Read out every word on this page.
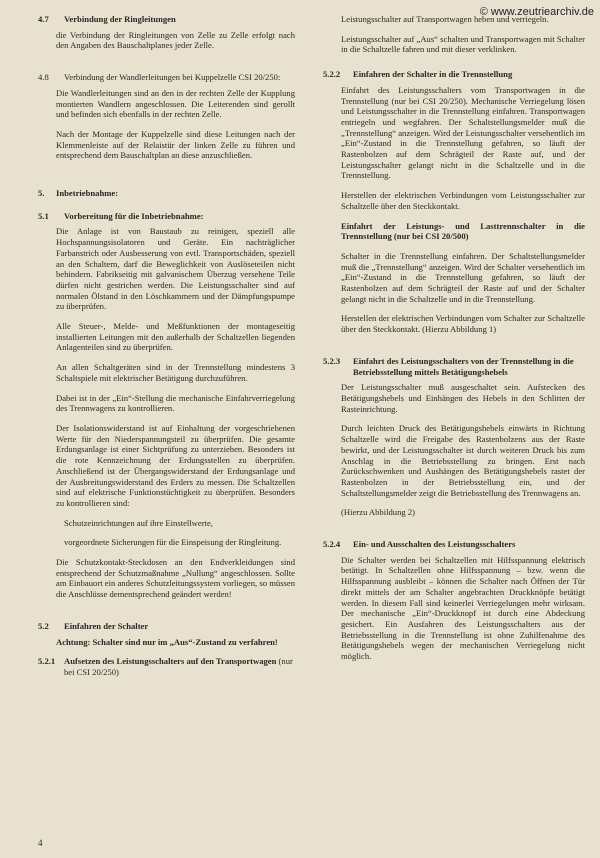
© www.zeutriearchiv.de
4.7	Verbindung der Ringleitungen

die Verbindung der Ringleitungen von Zelle zu Zelle erfolgt nach den Angaben des Bauschaltplanes jeder Zelle.

4.8	Verbindung der Wandlerleitungen bei Kuppelzelle CSI 20/250:

Die Wandlerleitungen sind an den in der rechten Zelle der Kupplung montierten Wandlern angeschlossen. Die Leiterenden sind gerollt und befinden sich ebenfalls in der rechten Zelle.

Nach der Montage der Kuppelzelle sind diese Leitungen nach der Klemmenleiste auf der Relaistür der linken Zelle zu führen und entsprechend dem Bauschaltplan an diese anzuschließen.

5.	Inbetriebnahme:
5.1	Vorbereitung für die Inbetriebnahme:

Die Anlage ist von Baustaub zu reinigen, speziell alle Hochspannungsisolatoren und Geräte. Ein nachträglicher Farbanstrich oder Ausbesserung von evtl. Transportschäden, speziell an den Schaltern, darf die Beweglichkeit von Auslöseteilen nicht behindern. Fabrikseitig mit galvanischem Überzug versehene Teile dürfen nicht gestrichen werden. Die Leistungsschalter sind auf normalen Ölstand in den Löschkammern und der Dämpfungspumpe zu überprüfen.

Alle Steuer-, Melde- und Meßfunktionen der montageseitig installierten Leitungen mit den außerhalb der Schaltzellen liegenden Anlagenteilen sind zu überprüfen.

An allen Schaltgeräten sind in der Trennstellung mindestens 3 Schaltspiele mit elektrischer Betätigung durchzuführen.

Dabei ist in der „Ein“-Stellung die mechanische Einfahrverriegelung des Trennwagens zu kontrollieren.

Der Isolationswiderstand ist auf Einhaltung der vorgeschriebenen Werte für den Niederspannungsteil zu überprüfen. Die gesamte Erdungsanlage ist einer Sichtprüfung zu unterziehen. Besonders ist die rote Kennzeichnung der Erdungsstellen zu überprüfen. Anschließend ist der Übergangswiderstand der Erdungsanlage und der Ausbreitungswiderstand des Erders zu messen. Die Schaltzellen sind auf elektrische Funktionstüchtigkeit zu überprüfen. Besonders zu kontrollieren sind:

Schutzeinrichtungen auf ihre Einstellwerte,

vorgeordnete Sicherungen für die Einspeisung der Ringleitung.

Die Schutzkontakt-Steckdosen an den Endverkleidungen sind entsprechend der Schutzmaßnahme „Nullung“ angeschlossen. Sollte am Einbauort ein anderes Schutzleitungssystem vorliegen, so müssen die Anschlüsse dementsprechend geändert werden!

5.2	Einfahren der Schalter

Achtung: Schalter sind nur im „Aus“-Zustand zu verfahren!

5.2.1	Aufsetzen des Leistungsschalters auf den Transportwagen (nur bei CSI 20/250)

Leistungsschalter auf Transportwagen heben und verriegeln.

Leistungsschalter auf „Aus“ schalten und Transportwagen mit Schalter in die Schaltzelle fahren und mit dieser verklinken.

5.2.2	Einfahren der Schalter in die Trennstellung

Einfahrt des Leistungsschalters vom Transportwagen in die Trennstellung (nur bei CSI 20/250). Mechanische Verriegelung lösen und Leistungsschalter in die Trennstellung einfahren. Transportwagen entriegeln und wegfahren. Der Schaltstellungsmelder muß die „Trennstellung“ anzeigen. Wird der Leistungsschalter versehentlich im „Ein“-Zustand in die Trennstellung gefahren, so läuft der Rastenbolzen auf dem Schrägteil der Raste auf, und der Leistungsschalter gelangt nicht in die Schaltzelle und in die Trennstellung.

Herstellen der elektrischen Verbindungen vom Leistungsschalter zur Schaltzelle über den Steckkontakt.

Einfahrt der Leistungs- und Lasttrennschalter in die Trennstellung (nur bei CSI 20/500)

Schalter in die Trennstellung einfahren. Der Schaltstellungsmelder muß die „Trennstellung“ anzeigen. Wird der Schalter versehentlich im „Ein“-Zustand in die Trennstellung gefahren, so läuft der Rastenbolzen auf dem Schrägteil der Raste auf und der Schalter gelangt nicht in die Schaltzelle und in die Trennstellung.

Herstellen der elektrischen Verbindungen vom Schalter zur Schaltzelle über den Steckkontakt. (Hierzu Abbildung 1)

5.2.3	Einfahrt des Leistungsschalters von der Trennstellung in die Betriebsstellung mittels Betätigungshebels

Der Leistungsschalter muß ausgeschaltet sein. Aufstecken des Betätigungshebels und Einhängen des Hebels in den Schlitten der Rasteinrichtung.

Durch leichten Druck des Betätigungshebels einwärts in Richtung Schaltzelle wird die Freigabe des Rastenbolzens aus der Raste bewirkt, und der Leistungsschalter ist durch weiteren Druck bis zum Anschlag in die Betriebsstellung zu bringen. Erst nach Zurückschwenken und Aushängen des Betätigungshebels rastet der Rastenbolzen in der Betriebsstellung ein, und der Schaltstellungsmelder zeigt die Betriebsstellung des Trennwagens an.

(Hierzu Abbildung 2)

5.2.4	Ein- und Ausschalten des Leistungsschalters

Die Schalter werden bei Schaltzellen mit Hilfsspannung elektrisch betätigt. In Schaltzellen ohne Hilfsspannung – bzw. wenn die Hilfsspannung ausbleibt – können die Schalter nach Öffnen der Tür direkt mittels der am Schalter angebrachten Druckknöpfe betätigt werden. In diesem Fall sind keinerlei Verriegelungen mehr wirksam. Der mechanische „Ein“-Druckknopf ist durch eine Abdeckung gesichert. Ein Ausfahren des Leistungsschalters aus der Betriebsstellung in die Trennstellung ist ohne Zuhilfenahme des Betätigungshebels wegen der mechanischen Verriegelung nicht möglich.

4
